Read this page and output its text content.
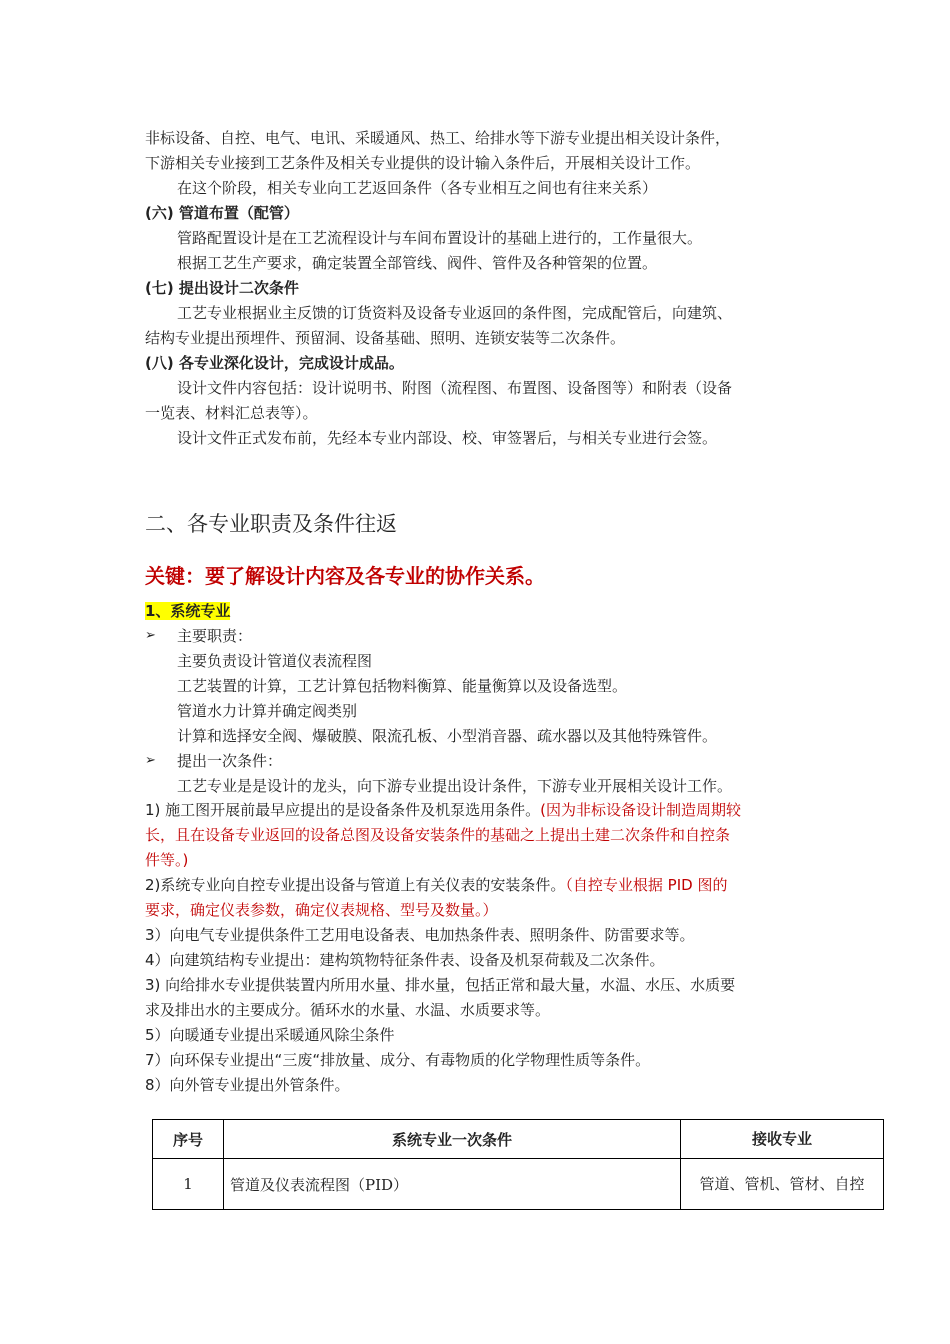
非标设备、自控、电气、电讯、采暖通风、热工、给排水等下游专业提出相关设计条件，
下游相关专业接到工艺条件及相关专业提供的设计输入条件后，开展相关设计工作。
在这个阶段，相关专业向工艺返回条件（各专业相互之间也有往来关系）
(六) 管道布置（配管）
管路配置设计是在工艺流程设计与车间布置设计的基础上进行的，工作量很大。
根据工艺生产要求，确定装置全部管线、阀件、管件及各种管架的位置。
(七) 提出设计二次条件
工艺专业根据业主反馈的订货资料及设备专业返回的条件图，完成配管后，向建筑、
结构专业提出预埋件、预留洞、设备基础、照明、连锁安装等二次条件。
(八) 各专业深化设计，完成设计成品。
设计文件内容包括：设计说明书、附图（流程图、布置图、设备图等）和附表（设备
一览表、材料汇总表等）。
设计文件正式发布前，先经本专业内部设、校、审签署后，与相关专业进行会签。
二、各专业职责及条件往返
关键：要了解设计内容及各专业的协作关系。
1、系统专业
➢ 主要职责：
主要负责设计管道仪表流程图
工艺装置的计算，工艺计算包括物料衡算、能量衡算以及设备选型。
管道水力计算并确定阀类别
计算和选择安全阀、爆破膜、限流孔板、小型消音器、疏水器以及其他特殊管件。
➢ 提出一次条件：
工艺专业是是设计的龙头，向下游专业提出设计条件，下游专业开展相关设计工作。
1) 施工图开展前最早应提出的是设备条件及机泵选用条件。(因为非标设备设计制造周期较
长，且在设备专业返回的设备总图及设备安装条件的基础之上提出土建二次条件和自控条
件等。)
2)系统专业向自控专业提出设备与管道上有关仪表的安装条件。（自控专业根据 PID 图的
要求，确定仪表参数，确定仪表规格、型号及数量。）
3）向电气专业提供条件工艺用电设备表、电加热条件表、照明条件、防雷要求等。
4）向建筑结构专业提出：建构筑物特征条件表、设备及机泵荷载及二次条件。
3) 向给排水专业提供装置内所用水量、排水量，包括正常和最大量，水温、水压、水质要
求及排出水的主要成分。循环水的水量、水温、水质要求等。
5）向暖通专业提出采暖通风除尘条件
7）向环保专业提出“三废“排放量、成分、有毒物质的化学物理性质等条件。
8）向外管专业提出外管条件。
序号	系统专业一次条件	接收专业
1	管道及仪表流程图（PID）	管道、管机、管材、自控
